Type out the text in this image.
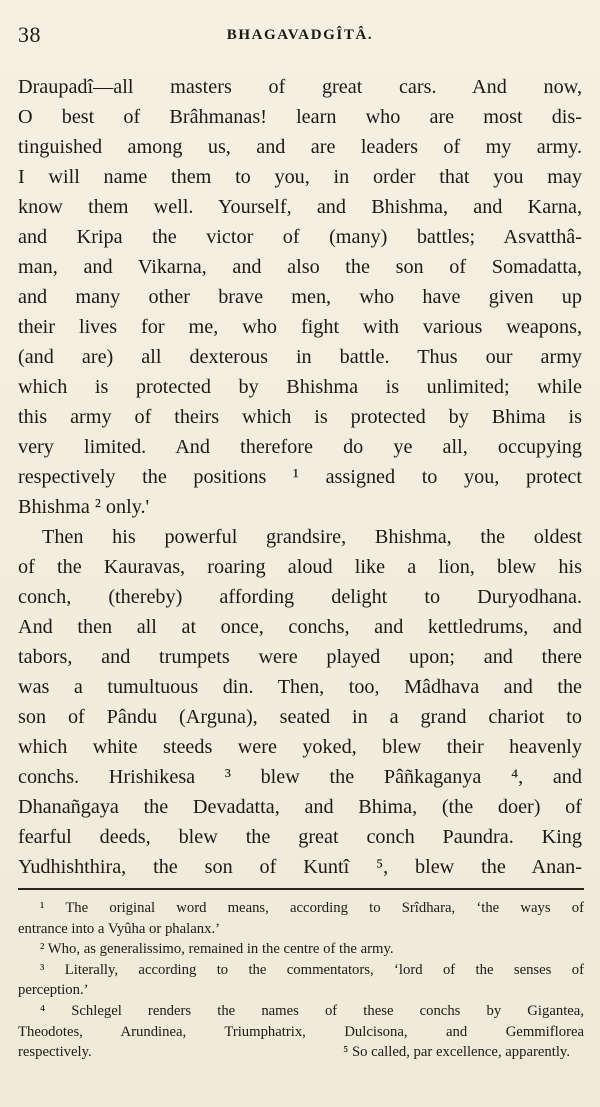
38	BHAGAVADGÎTÂ.
Draupadî—all masters of great cars. And now,
O best of Brâhmanas! learn who are most dis-
tinguished among us, and are leaders of my army.
I will name them to you, in order that you may
know them well. Yourself, and Bhishma, and Karna,
and Kripa the victor of (many) battles; Asvatthâ-
man, and Vikarna, and also the son of Somadatta,
and many other brave men, who have given up
their lives for me, who fight with various weapons,
(and are) all dexterous in battle. Thus our army
which is protected by Bhishma is unlimited; while
this army of theirs which is protected by Bhima is
very limited. And therefore do ye all, occupying
respectively the positions ¹ assigned to you, protect
Bhishma ² only.'
Then his powerful grandsire, Bhishma, the oldest
of the Kauravas, roaring aloud like a lion, blew his
conch, (thereby) affording delight to Duryodhana.
And then all at once, conchs, and kettledrums, and
tabors, and trumpets were played upon; and there
was a tumultuous din. Then, too, Mâdhava and the
son of Pându (Arguna), seated in a grand chariot to
which white steeds were yoked, blew their heavenly
conchs. Hrishikesa ³ blew the Pâñkaganya ⁴, and
Dhanañgaya the Devadatta, and Bhima, (the doer) of
fearful deeds, blew the great conch Paundra. King
Yudhishthira, the son of Kuntî ⁵, blew the Anan-
¹ The original word means, according to Srîdhara, ‘the ways of
entrance into a Vyûha or phalanx.’
² Who, as generalissimo, remained in the centre of the army.
³ Literally, according to the commentators, ‘lord of the senses of
perception.’
⁴ Schlegel renders the names of these conchs by Gigantea,
Theodotes, Arundinea, Triumphatrix, Dulcisona, and Gemmiflorea
respectively.	⁵ So called, par excellence, apparently.
